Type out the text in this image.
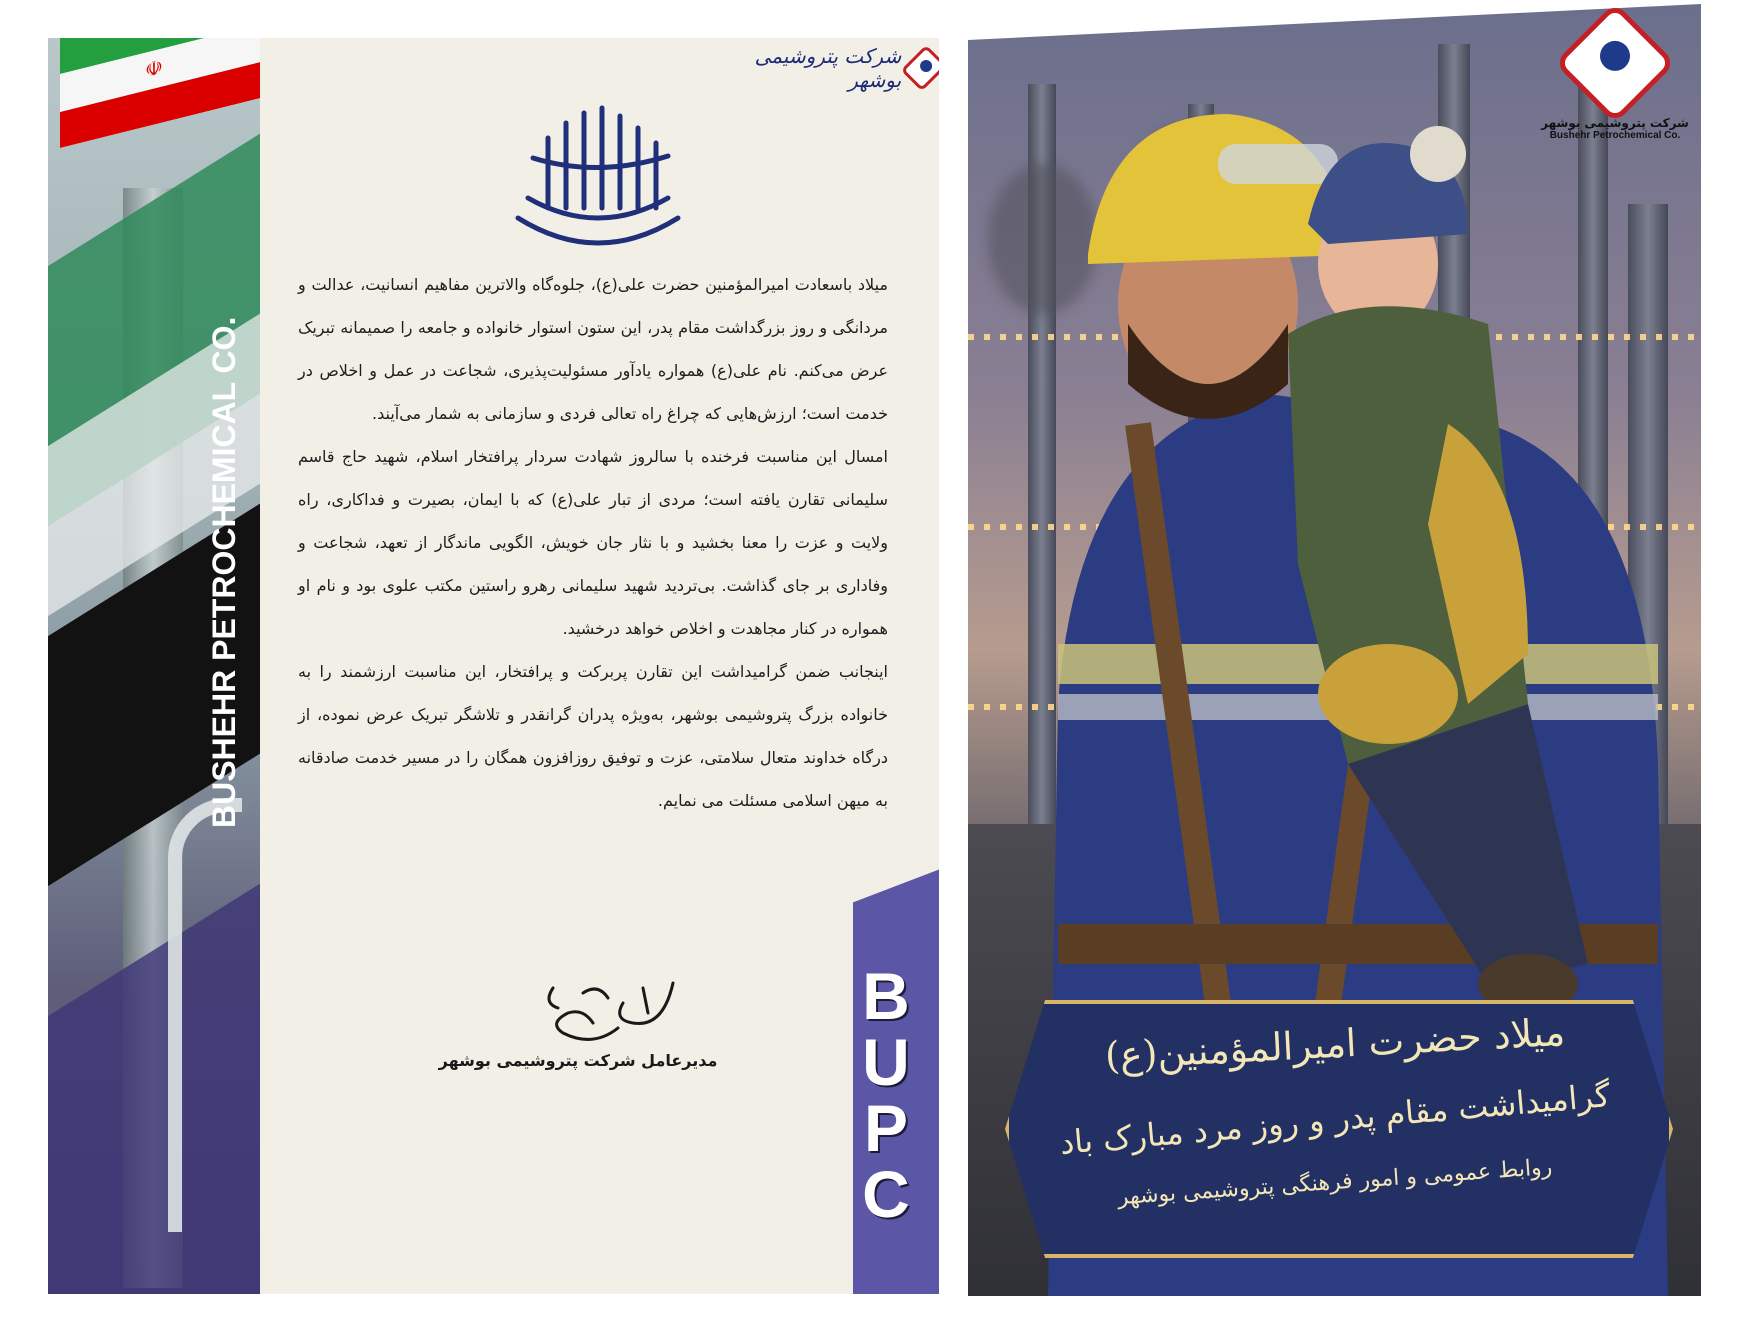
☫
BUSHEHR PETROCHEMICAL CO.
شرکت پتروشیمی بوشهر

میلاد باسعادت امیرالمؤمنین حضرت علی(ع)، جلوه‌گاه والاترین مفاهیم انسانیت، عدالت و مردانگی و روز بزرگداشت مقام پدر، این ستون استوار خانواده و جامعه را صمیمانه تبریک عرض می‌کنم. نام علی(ع) همواره یادآور مسئولیت‌پذیری، شجاعت در عمل و اخلاص در خدمت است؛ ارزش‌هایی که چراغ راه تعالی فردی و سازمانی به شمار می‌آیند.

امسال این مناسبت فرخنده با سالروز شهادت سردار پرافتخار اسلام، شهید حاج قاسم سلیمانی تقارن یافته است؛ مردی از تبار علی(ع) که با ایمان، بصیرت و فداکاری، راه ولایت و عزت را معنا بخشید و با نثار جان خویش، الگویی ماندگار از تعهد، شجاعت و وفاداری بر جای گذاشت. بی‌تردید شهید سلیمانی رهرو راستین مکتب علوی بود و نام او همواره در کنار مجاهدت و اخلاص خواهد درخشید.

اینجانب ضمن گرامیداشت این تقارن پربرکت و پرافتخار، این مناسبت ارزشمند را به خانواده بزرگ پتروشیمی بوشهر، به‌ویژه پدران گرانقدر و تلاشگر تبریک عرض نموده، از درگاه خداوند متعال سلامتی، عزت و توفیق روزافزون همگان را در مسیر خدمت صادقانه به میهن اسلامی مسئلت می نمایم.

مدیرعامل شرکت پتروشیمی بوشهر
B
U
P
C
شرکت پتروشیمی بوشهر
Bushehr Petrochemical Co.
میلاد حضرت امیرالمؤمنین(ع)
گرامیداشت مقام پدر و روز مرد مبارک باد
روابط عمومی و امور فرهنگی پتروشیمی بوشهر
